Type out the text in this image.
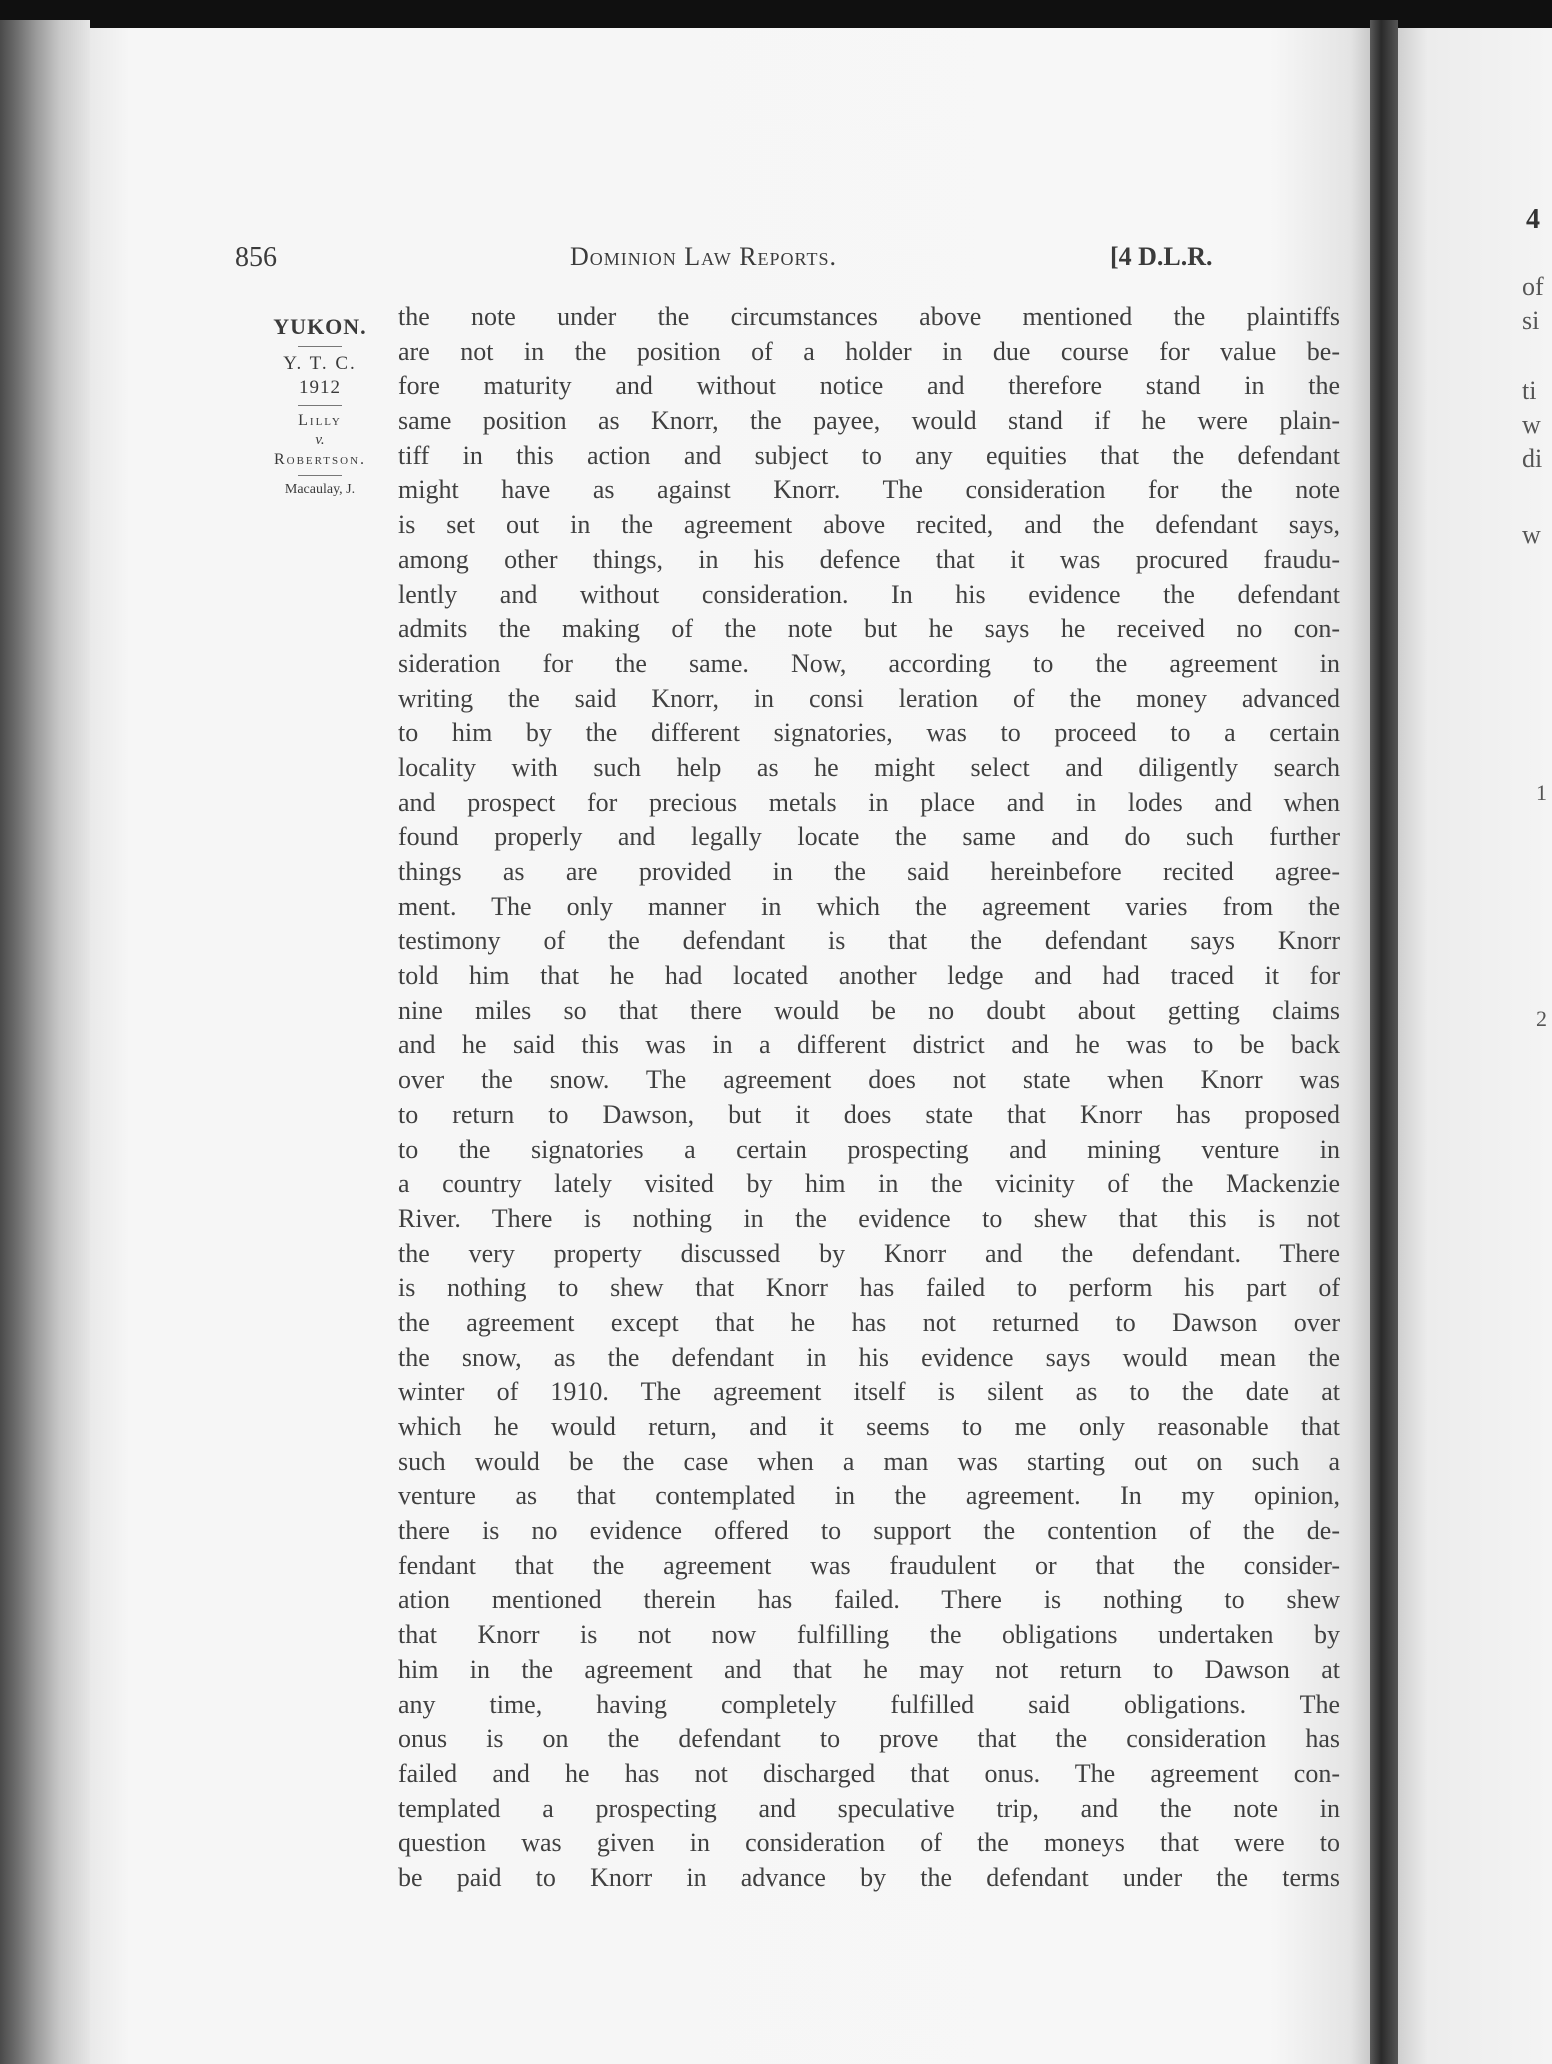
856	Dominion Law Reports.	[4 D.L.R.
YUKON.
Y. T. C.
1912
Lilly
v.
Robertson.
Macaulay, J.
the note under the circumstances above mentioned the plaintiffs
are not in the position of a holder in due course for value be-
fore maturity and without notice and therefore stand in the
same position as Knorr, the payee, would stand if he were plain-
tiff in this action and subject to any equities that the defendant
might have as against Knorr. The consideration for the note
is set out in the agreement above recited, and the defendant says,
among other things, in his defence that it was procured fraudu-
lently and without consideration. In his evidence the defendant
admits the making of the note but he says he received no con-
sideration for the same. Now, according to the agreement in
writing the said Knorr, in consi leration of the money advanced
to him by the different signatories, was to proceed to a certain
locality with such help as he might select and diligently search
and prospect for precious metals in place and in lodes and when
found properly and legally locate the same and do such further
things as are provided in the said hereinbefore recited agree-
ment. The only manner in which the agreement varies from the
testimony of the defendant is that the defendant says Knorr
told him that he had located another ledge and had traced it for
nine miles so that there would be no doubt about getting claims
and he said this was in a different district and he was to be back
over the snow. The agreement does not state when Knorr was
to return to Dawson, but it does state that Knorr has proposed
to the signatories a certain prospecting and mining venture in
a country lately visited by him in the vicinity of the Mackenzie
River. There is nothing in the evidence to shew that this is not
the very property discussed by Knorr and the defendant. There
is nothing to shew that Knorr has failed to perform his part of
the agreement except that he has not returned to Dawson over
the snow, as the defendant in his evidence says would mean the
winter of 1910. The agreement itself is silent as to the date at
which he would return, and it seems to me only reasonable that
such would be the case when a man was starting out on such a
venture as that contemplated in the agreement. In my opinion,
there is no evidence offered to support the contention of the de-
fendant that the agreement was fraudulent or that the consider-
ation mentioned therein has failed. There is nothing to shew
that Knorr is not now fulfilling the obligations undertaken by
him in the agreement and that he may not return to Dawson at
any time, having completely fulfilled said obligations. The
onus is on the defendant to prove that the consideration has
failed and he has not discharged that onus. The agreement con-
templated a prospecting and speculative trip, and the note in
question was given in consideration of the moneys that were to
be paid to Knorr in advance by the defendant under the terms
4
of
si
ti
w
di
w
1
2
